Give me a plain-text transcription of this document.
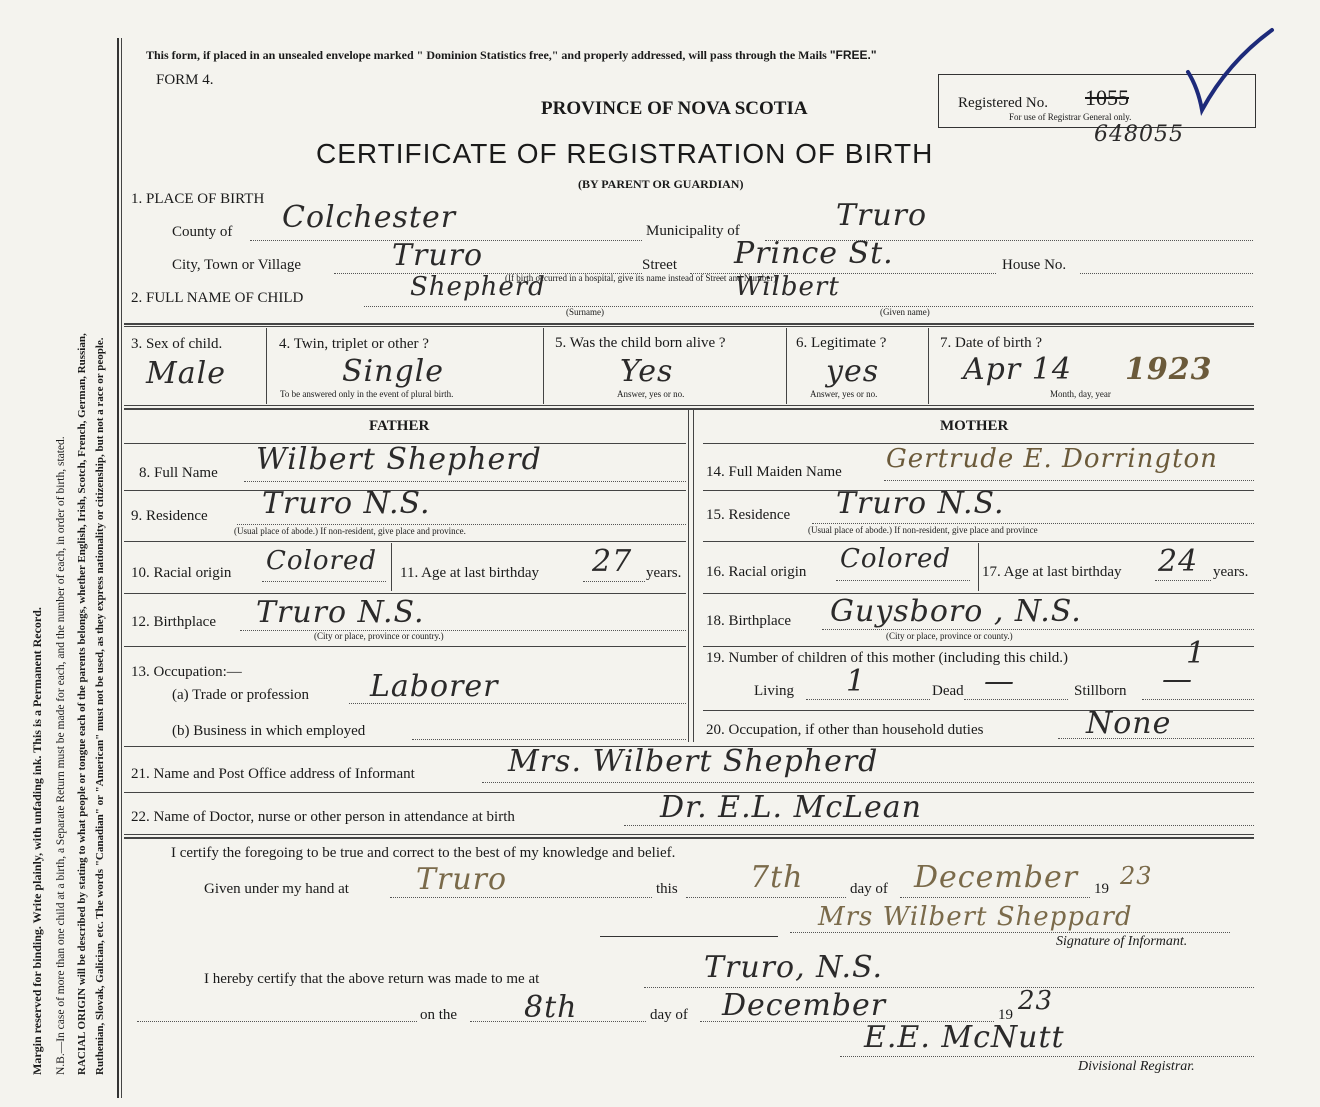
Margin reserved for binding. Write plainly, with unfading ink. This is a Permanent Record. N.B.—In case of more than one child at a birth, a Separate Return must be made for each, and the number of each, in order of birth, stated. RACIAL ORIGIN will be described by stating to what people or tongue each of the parents belongs, whether English, Irish, Scotch, French, German, Russian, Ruthenian, Slovak, Galician, etc. The words "Canadian" or "American" must not be used, as they express nationality or citizenship, but not a race or people.
This form, if placed in an unsealed envelope marked " Dominion Statistics free," and properly addressed, will pass through the Mails "FREE."
FORM 4.
PROVINCE OF NOVA SCOTIA	Registered No. 1055
For use of Registrar General only.
648055
CERTIFICATE OF REGISTRATION OF BIRTH
(BY PARENT OR GUARDIAN)
1. PLACE OF BIRTH
County of Colchester	Municipality of	Truro
City, Town or Village	Truro	Street Prince St.	House No.
(If birth occurred in a hospital, give its name instead of Street and Number)
2. FULL NAME OF CHILD	Shepherd	Wilbert
(Surname)	(Given name)
3. Sex of child.
Male
4. Twin, triplet or other ?
Single
To be answered only in the event of plural birth.
5. Was the child born alive ?
Yes
Answer, yes or no.
6. Legitimate ?
yes
Answer, yes or no.
7. Date of birth ?
Apr 14 1923
Month, day, year
FATHER	MOTHER
8. Full Name Wilbert Shepherd
9. Residence Truro N.S.
(Usual place of abode.) If non-resident, give place and province.
10. Racial origin Colored 11. Age at last birthday 27 years.
12. Birthplace Truro N.S.
(City or place, province or country.)
13. Occupation:—
(a) Trade or profession Laborer
(b) Business in which employed
14. Full Maiden Name Gertrude E. Dorrington
15. Residence Truro N.S.
(Usual place of abode.) If non-resident, give place and province
16. Racial origin Colored 17. Age at last birthday 24 years.
18. Birthplace Guysboro , N.S.
(City or place, province or county.)
19. Number of children of this mother (including this child.)	1
Living 1	Dead —	Stillborn —
20. Occupation, if other than household duties	None
21. Name and Post Office address of Informant	Mrs. Wilbert Shepherd
22. Name of Doctor, nurse or other person in attendance at birth	Dr. E.L. McLean
I certify the foregoing to be true and correct to the best of my knowledge and belief.
Given under my hand at Truro	this 7th	day of December 19 23
Mrs Wilbert Sheppard
Signature of Informant.
I hereby certify that the above return was made to me at	Truro, N.S.
on the 8th	day of December	19 23
E.E. McNutt
Divisional Registrar.
